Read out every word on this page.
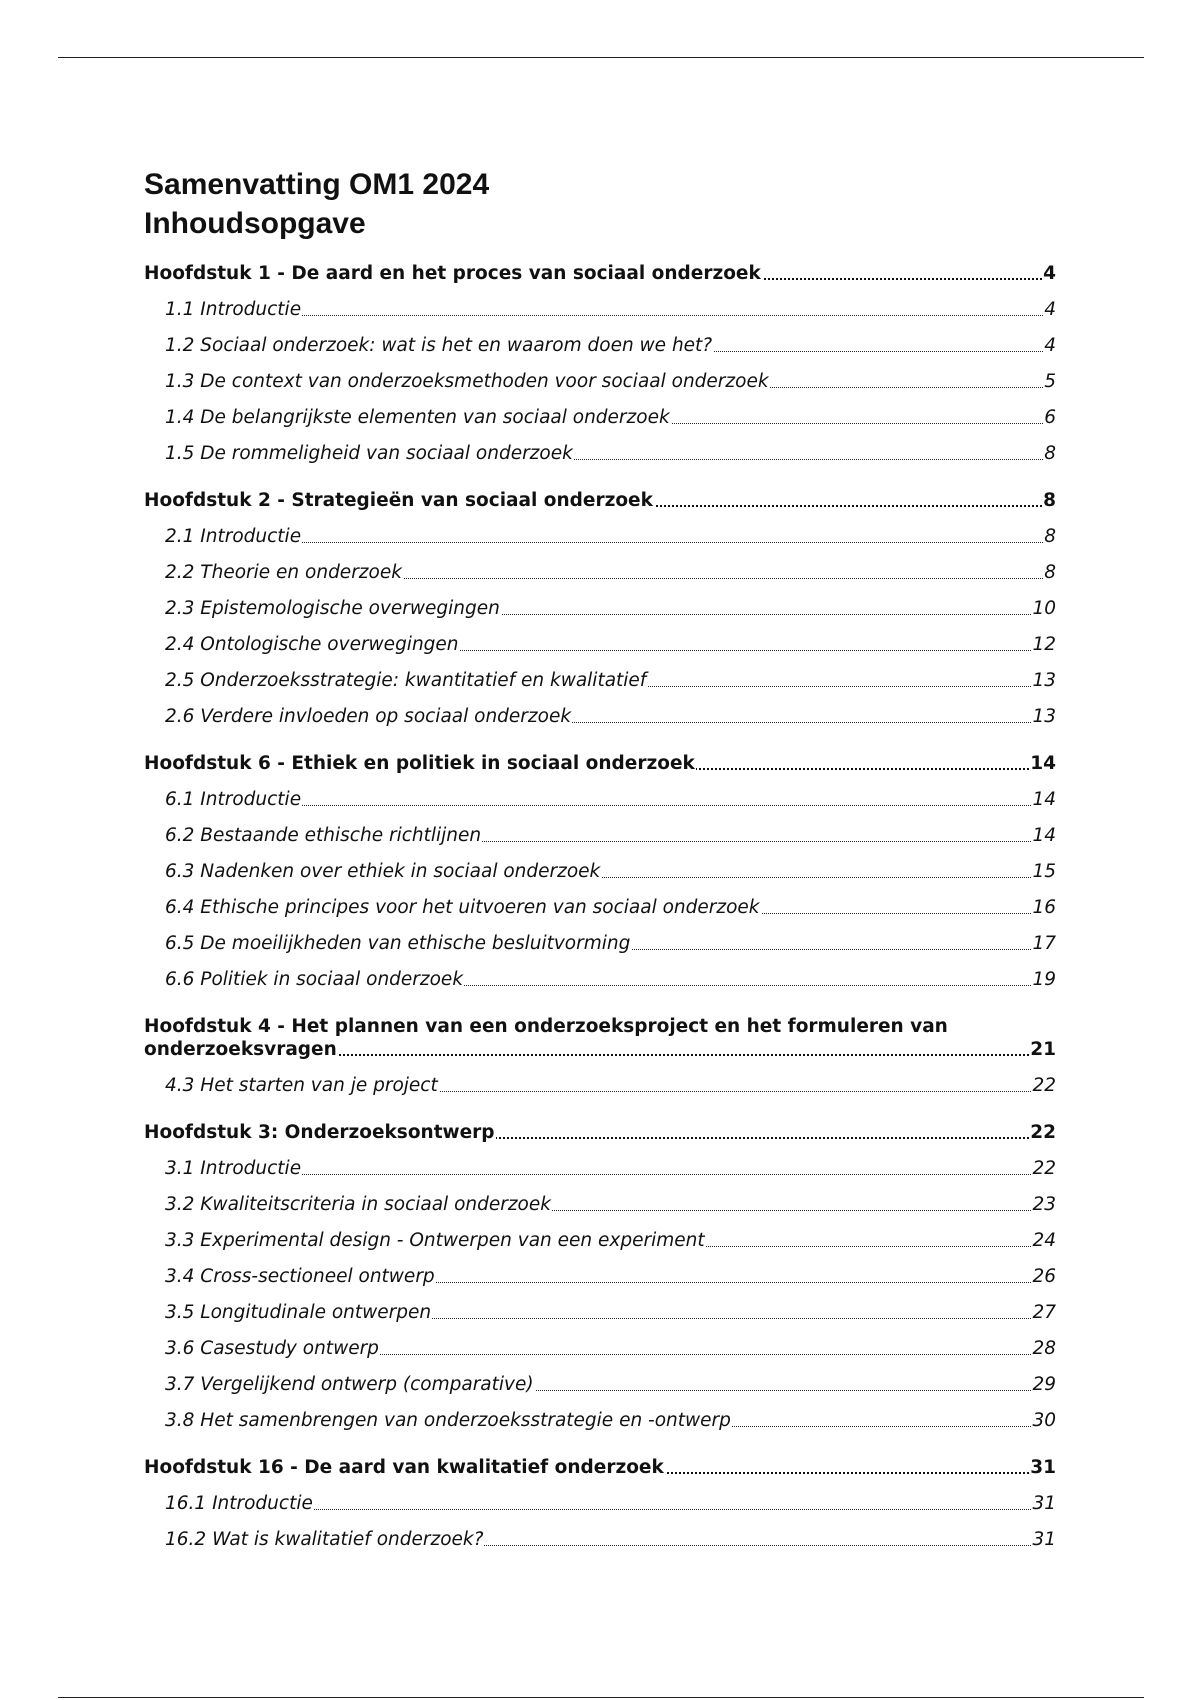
Samenvatting OM1 2024
Inhoudsopgave
Hoofdstuk 1 - De aard en het proces van sociaal onderzoek	4
1.1 Introductie	4
1.2 Sociaal onderzoek: wat is het en waarom doen we het?	4
1.3 De context van onderzoeksmethoden voor sociaal onderzoek	5
1.4 De belangrijkste elementen van sociaal onderzoek	6
1.5 De rommeligheid van sociaal onderzoek	8
Hoofdstuk 2 - Strategieën van sociaal onderzoek	8
2.1 Introductie	8
2.2 Theorie en onderzoek	8
2.3 Epistemologische overwegingen	10
2.4 Ontologische overwegingen	12
2.5 Onderzoeksstrategie: kwantitatief en kwalitatief	13
2.6 Verdere invloeden op sociaal onderzoek	13
Hoofdstuk 6 - Ethiek en politiek in sociaal onderzoek	14
6.1 Introductie	14
6.2 Bestaande ethische richtlijnen	14
6.3 Nadenken over ethiek in sociaal onderzoek	15
6.4 Ethische principes voor het uitvoeren van sociaal onderzoek	16
6.5 De moeilijkheden van ethische besluitvorming	17
6.6 Politiek in sociaal onderzoek	19
Hoofdstuk 4 - Het plannen van een onderzoeksproject en het formuleren van
onderzoeksvragen	21
4.3 Het starten van je project	22
Hoofdstuk 3: Onderzoeksontwerp	22
3.1 Introductie	22
3.2 Kwaliteitscriteria in sociaal onderzoek	23
3.3 Experimental design - Ontwerpen van een experiment	24
3.4 Cross-sectioneel ontwerp	26
3.5 Longitudinale ontwerpen	27
3.6 Casestudy ontwerp	28
3.7 Vergelijkend ontwerp (comparative)	29
3.8 Het samenbrengen van onderzoeksstrategie en -ontwerp	30
Hoofdstuk 16 - De aard van kwalitatief onderzoek	31
16.1 Introductie	31
16.2 Wat is kwalitatief onderzoek?	31
